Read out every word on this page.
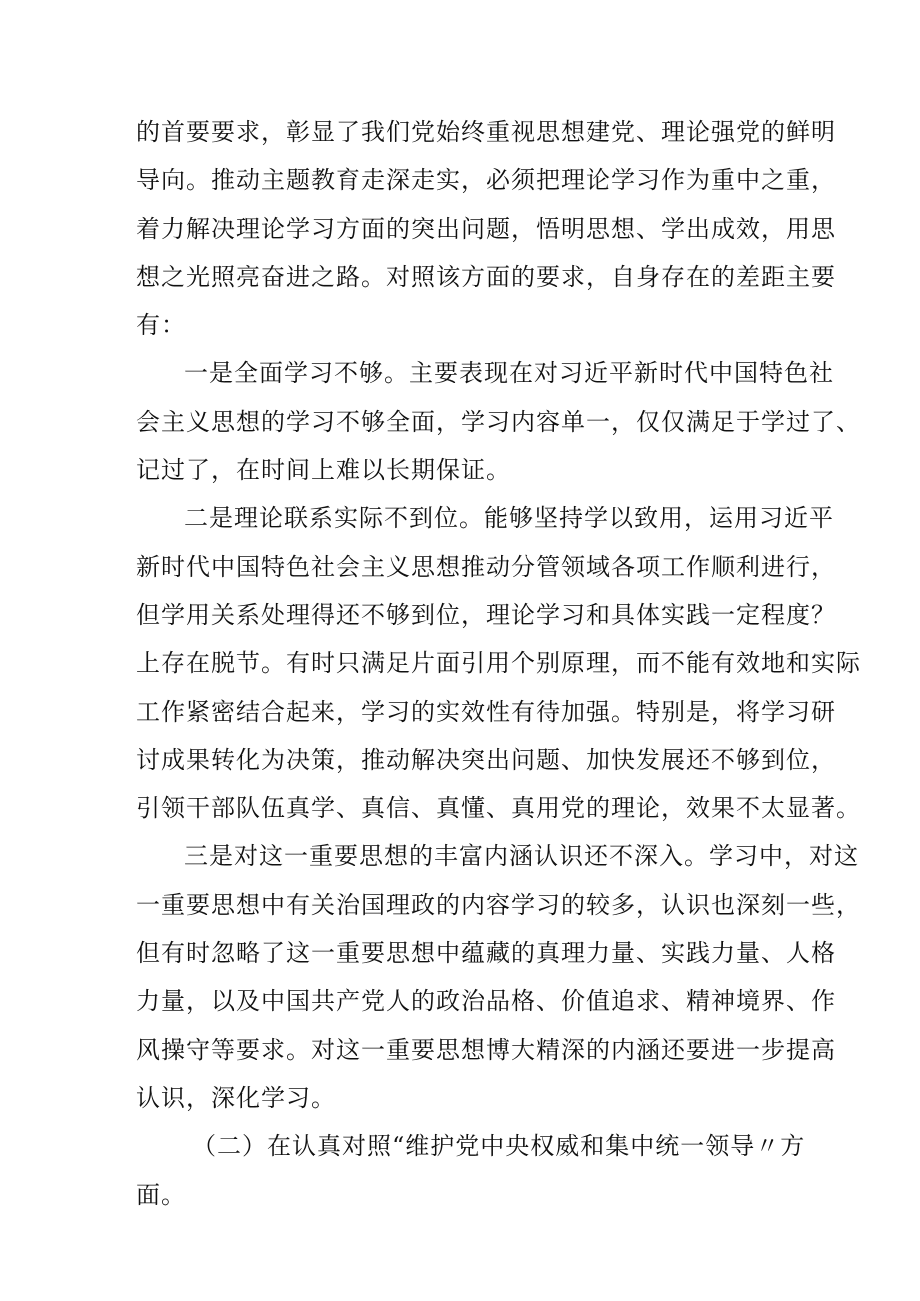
的首要要求，彰显了我们党始终重视思想建党、理论强党的鲜明
导向。推动主题教育走深走实，必须把理论学习作为重中之重，
着力解决理论学习方面的突出问题，悟明思想、学出成效，用思
想之光照亮奋进之路。对照该方面的要求，自身存在的差距主要
有：
一是全面学习不够。主要表现在对习近平新时代中国特色社
会主义思想的学习不够全面，学习内容单一，仅仅满足于学过了、
记过了，在时间上难以长期保证。
二是理论联系实际不到位。能够坚持学以致用，运用习近平
新时代中国特色社会主义思想推动分管领域各项工作顺利进行，
但学用关系处理得还不够到位，理论学习和具体实践一定程度？
上存在脱节。有时只满足片面引用个别原理，而不能有效地和实际
工作紧密结合起来，学习的实效性有待加强。特别是，将学习研
讨成果转化为决策，推动解决突出问题、加快发展还不够到位，
引领干部队伍真学、真信、真懂、真用党的理论，效果不太显著。
三是对这一重要思想的丰富内涵认识还不深入。学习中，对这
一重要思想中有关治国理政的内容学习的较多，认识也深刻一些，
但有时忽略了这一重要思想中蕴藏的真理力量、实践力量、人格
力量，以及中国共产党人的政治品格、价值追求、精神境界、作
风操守等要求。对这一重要思想博大精深的内涵还要进一步提高
认识，深化学习。
（二）在认真对照“维护党中央权威和集中统一领导〃方
面。
